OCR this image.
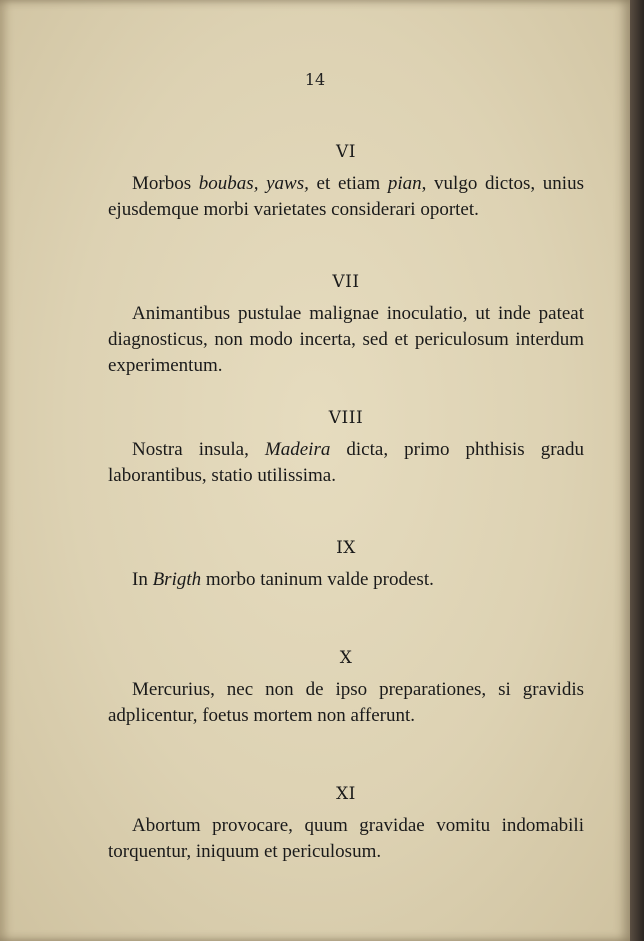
14
VI

Morbos boubas, yaws, et etiam pian, vulgo dictos, unius ejusdemque morbi varietates considerari oportet.

VII

Animantibus pustulae malignae inoculatio, ut inde pateat diagnosticus, non modo incerta, sed et periculosum interdum experimentum.

VIII

Nostra insula, Madeira dicta, primo phthisis gradu laborantibus, statio utilissima.

IX

In Brigth morbo taninum valde prodest.

X

Mercurius, nec non de ipso preparationes, si gravidis adplicentur, foetus mortem non afferunt.

XI

Abortum provocare, quum gravidae vomitu indomabili torquentur, iniquum et periculosum.
